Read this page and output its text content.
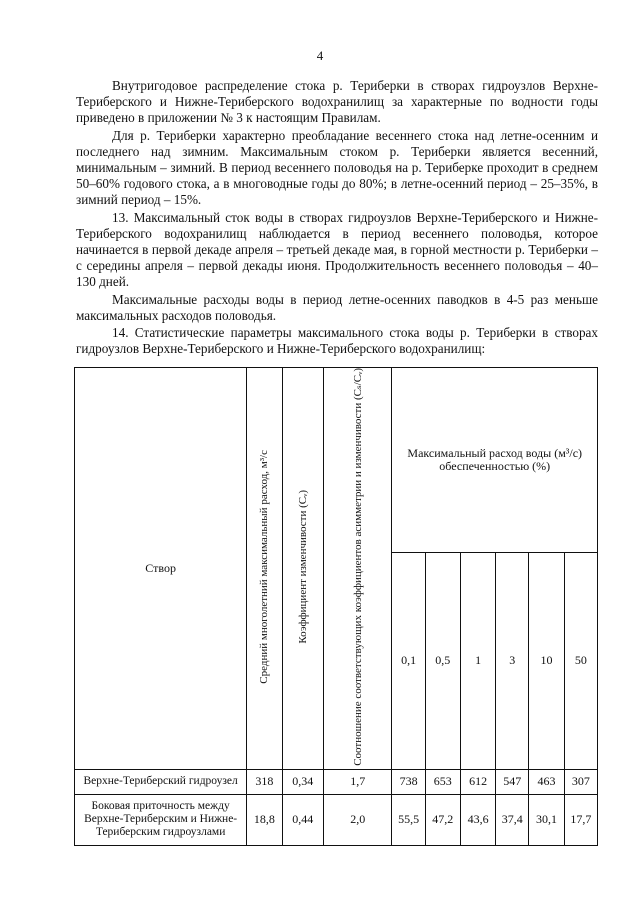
4

Внутригодовое распределение стока р. Териберки в створах гидроузлов Верхне-Териберского и Нижне-Териберского водохранилищ за характерные по водности годы приведено в приложении № 3 к настоящим Правилам.

Для р. Териберки характерно преобладание весеннего стока над летне-осенним и последнего над зимним. Максимальным стоком р. Териберки является весенний, минимальным – зимний. В период весеннего половодья на р. Териберке проходит в среднем 50–60% годового стока, а в многоводные годы до 80%; в летне-осенний период – 25–35%, в зимний период – 15%.

13. Максимальный сток воды в створах гидроузлов Верхне-Териберского и Нижне-Териберского водохранилищ наблюдается в период весеннего половодья, которое начинается в первой декаде апреля – третьей декаде мая, в горной местности р. Териберки – с середины апреля – первой декады июня. Продолжительность весеннего половодья – 40–130 дней.

Максимальные расходы воды в период летне-осенних паводков в 4-5 раз меньше максимальных расходов половодья.

14. Статистические параметры максимального стока воды р. Териберки в створах гидроузлов Верхне-Териберского и Нижне-Териберского водохранилищ:

Створ	Средний многолетний максимальный расход, м³/с	Коэффициент изменчивости (Cᵥ)	Соотношение соответствующих коэффициентов асимметрии и изменчивости (Cₛ/Cᵥ)	Максимальный расход воды (м³/с) обеспеченностью (%)					
				0,1	0,5	1	3	10	50
Верхне-Териберский гидроузел	318	0,34	1,7	738	653	612	547	463	307
Боковая приточность между Верхне-Териберским и Нижне-Териберским гидроузлами	18,8	0,44	2,0	55,5	47,2	43,6	37,4	30,1	17,7
